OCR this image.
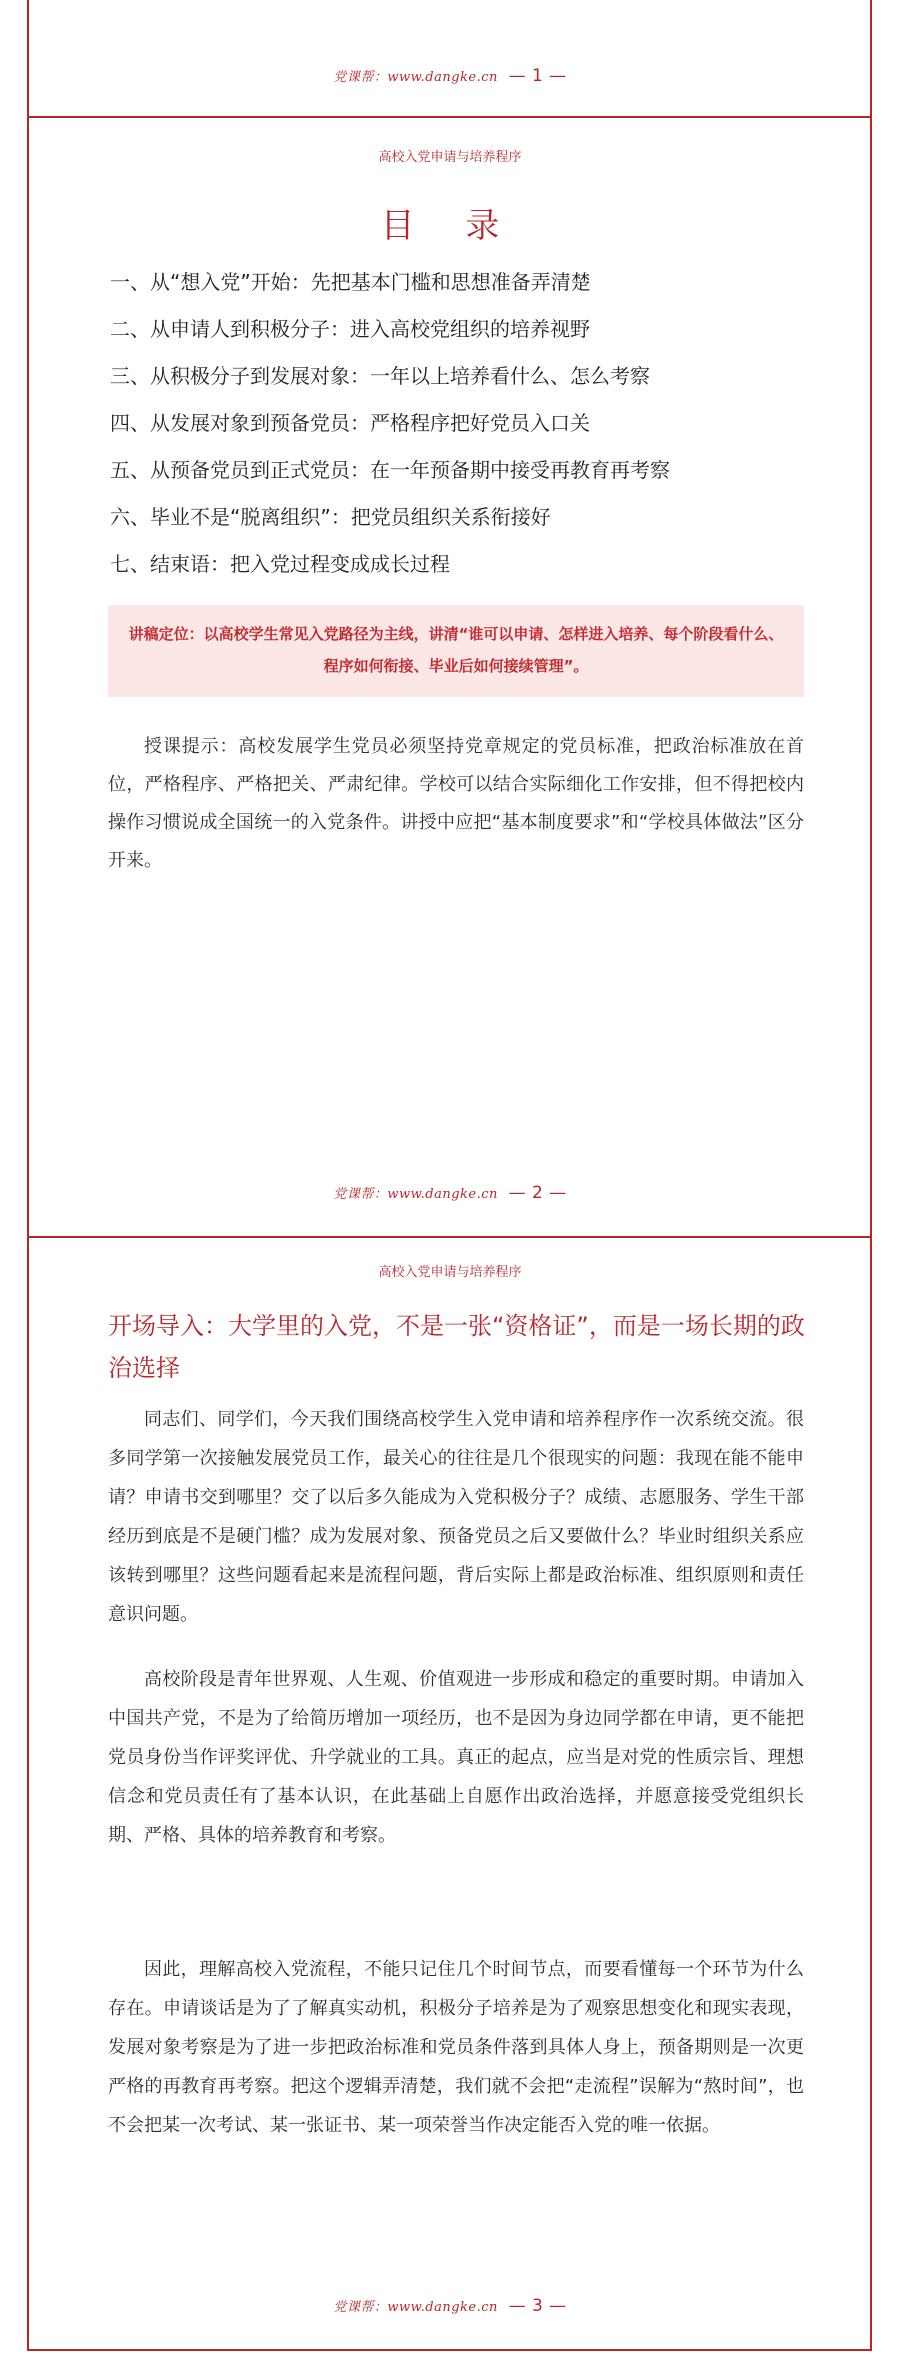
党课帮：www.dangke.cn — 1 —
高校入党申请与培养程序
目 录
一、从“想入党”开始：先把基本门槛和思想准备弄清楚
二、从申请人到积极分子：进入高校党组织的培养视野
三、从积极分子到发展对象：一年以上培养看什么、怎么考察
四、从发展对象到预备党员：严格程序把好党员入口关
五、从预备党员到正式党员：在一年预备期中接受再教育再考察
六、毕业不是“脱离组织”：把党员组织关系衔接好
七、结束语：把入党过程变成成长过程
讲稿定位：以高校学生常见入党路径为主线，讲清“谁可以申请、怎样进入培养、每个阶段看什么、程序如何衔接、毕业后如何接续管理”。

授课提示：高校发展学生党员必须坚持党章规定的党员标准，把政治标准放在首位，严格程序、严格把关、严肃纪律。学校可以结合实际细化工作安排，但不得把校内操作习惯说成全国统一的入党条件。讲授中应把“基本制度要求”和“学校具体做法”区分开来。

党课帮：www.dangke.cn — 2 —
高校入党申请与培养程序
开场导入：大学里的入党，不是一张“资格证”，而是一场长期的政治选择

同志们、同学们，今天我们围绕高校学生入党申请和培养程序作一次系统交流。很多同学第一次接触发展党员工作，最关心的往往是几个很现实的问题：我现在能不能申请？申请书交到哪里？交了以后多久能成为入党积极分子？成绩、志愿服务、学生干部经历到底是不是硬门槛？成为发展对象、预备党员之后又要做什么？毕业时组织关系应该转到哪里？这些问题看起来是流程问题，背后实际上都是政治标准、组织原则和责任意识问题。

高校阶段是青年世界观、人生观、价值观进一步形成和稳定的重要时期。申请加入中国共产党，不是为了给简历增加一项经历，也不是因为身边同学都在申请，更不能把党员身份当作评奖评优、升学就业的工具。真正的起点，应当是对党的性质宗旨、理想信念和党员责任有了基本认识，在此基础上自愿作出政治选择，并愿意接受党组织长期、严格、具体的培养教育和考察。

因此，理解高校入党流程，不能只记住几个时间节点，而要看懂每一个环节为什么存在。申请谈话是为了了解真实动机，积极分子培养是为了观察思想变化和现实表现，发展对象考察是为了进一步把政治标准和党员条件落到具体人身上，预备期则是一次更严格的再教育再考察。把这个逻辑弄清楚，我们就不会把“走流程”误解为“熬时间”，也不会把某一次考试、某一张证书、某一项荣誉当作决定能否入党的唯一依据。

党课帮：www.dangke.cn — 3 —
